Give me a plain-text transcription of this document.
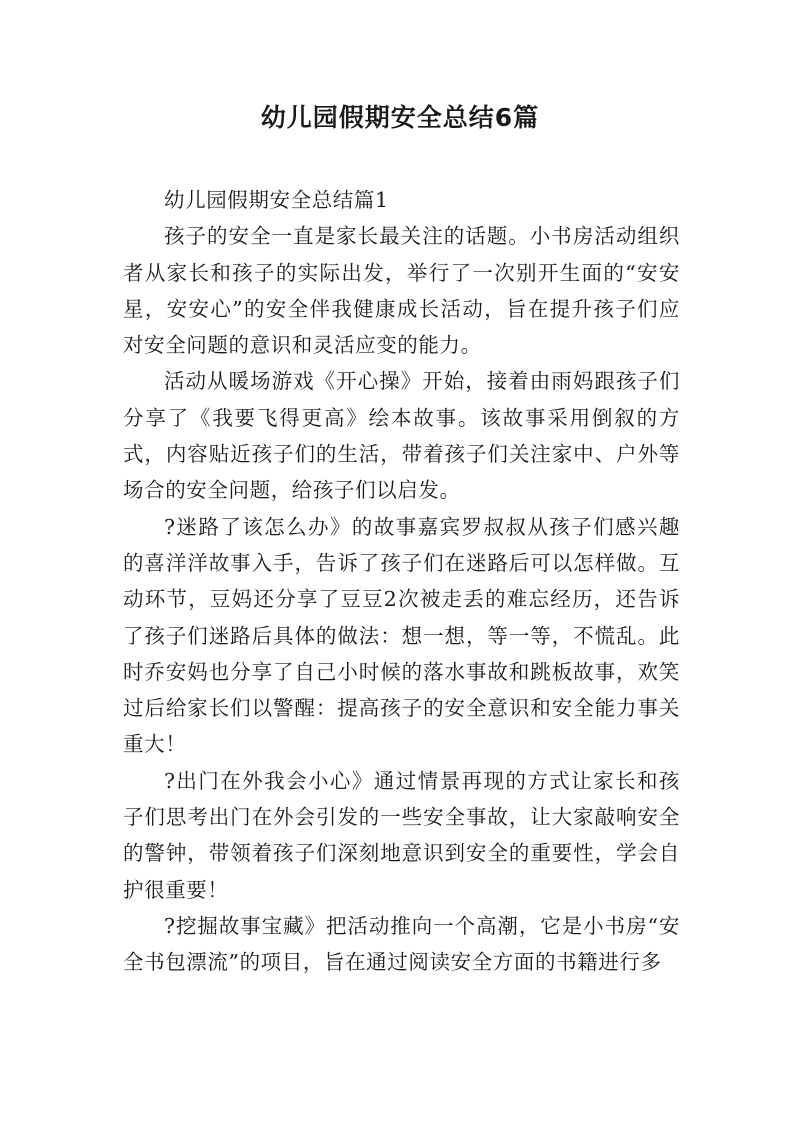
幼儿园假期安全总结6篇

幼儿园假期安全总结篇1

孩子的安全一直是家长最关注的话题。小书房活动组织者从家长和孩子的实际出发，举行了一次别开生面的“安安星，安安心”的安全伴我健康成长活动，旨在提升孩子们应对安全问题的意识和灵活应变的能力。

活动从暖场游戏《开心操》开始，接着由雨妈跟孩子们分享了《我要飞得更高》绘本故事。该故事采用倒叙的方式，内容贴近孩子们的生活，带着孩子们关注家中、户外等场合的安全问题，给孩子们以启发。

?迷路了该怎么办》的故事嘉宾罗叔叔从孩子们感兴趣的喜洋洋故事入手，告诉了孩子们在迷路后可以怎样做。互动环节，豆妈还分享了豆豆2次被走丢的难忘经历，还告诉了孩子们迷路后具体的做法：想一想，等一等，不慌乱。此时乔安妈也分享了自己小时候的落水事故和跳板故事，欢笑过后给家长们以警醒：提高孩子的安全意识和安全能力事关重大！

?出门在外我会小心》通过情景再现的方式让家长和孩子们思考出门在外会引发的一些安全事故，让大家敲响安全的警钟，带领着孩子们深刻地意识到安全的重要性，学会自护很重要！

?挖掘故事宝藏》把活动推向一个高潮，它是小书房“安全书包漂流”的项目，旨在通过阅读安全方面的书籍进行多
